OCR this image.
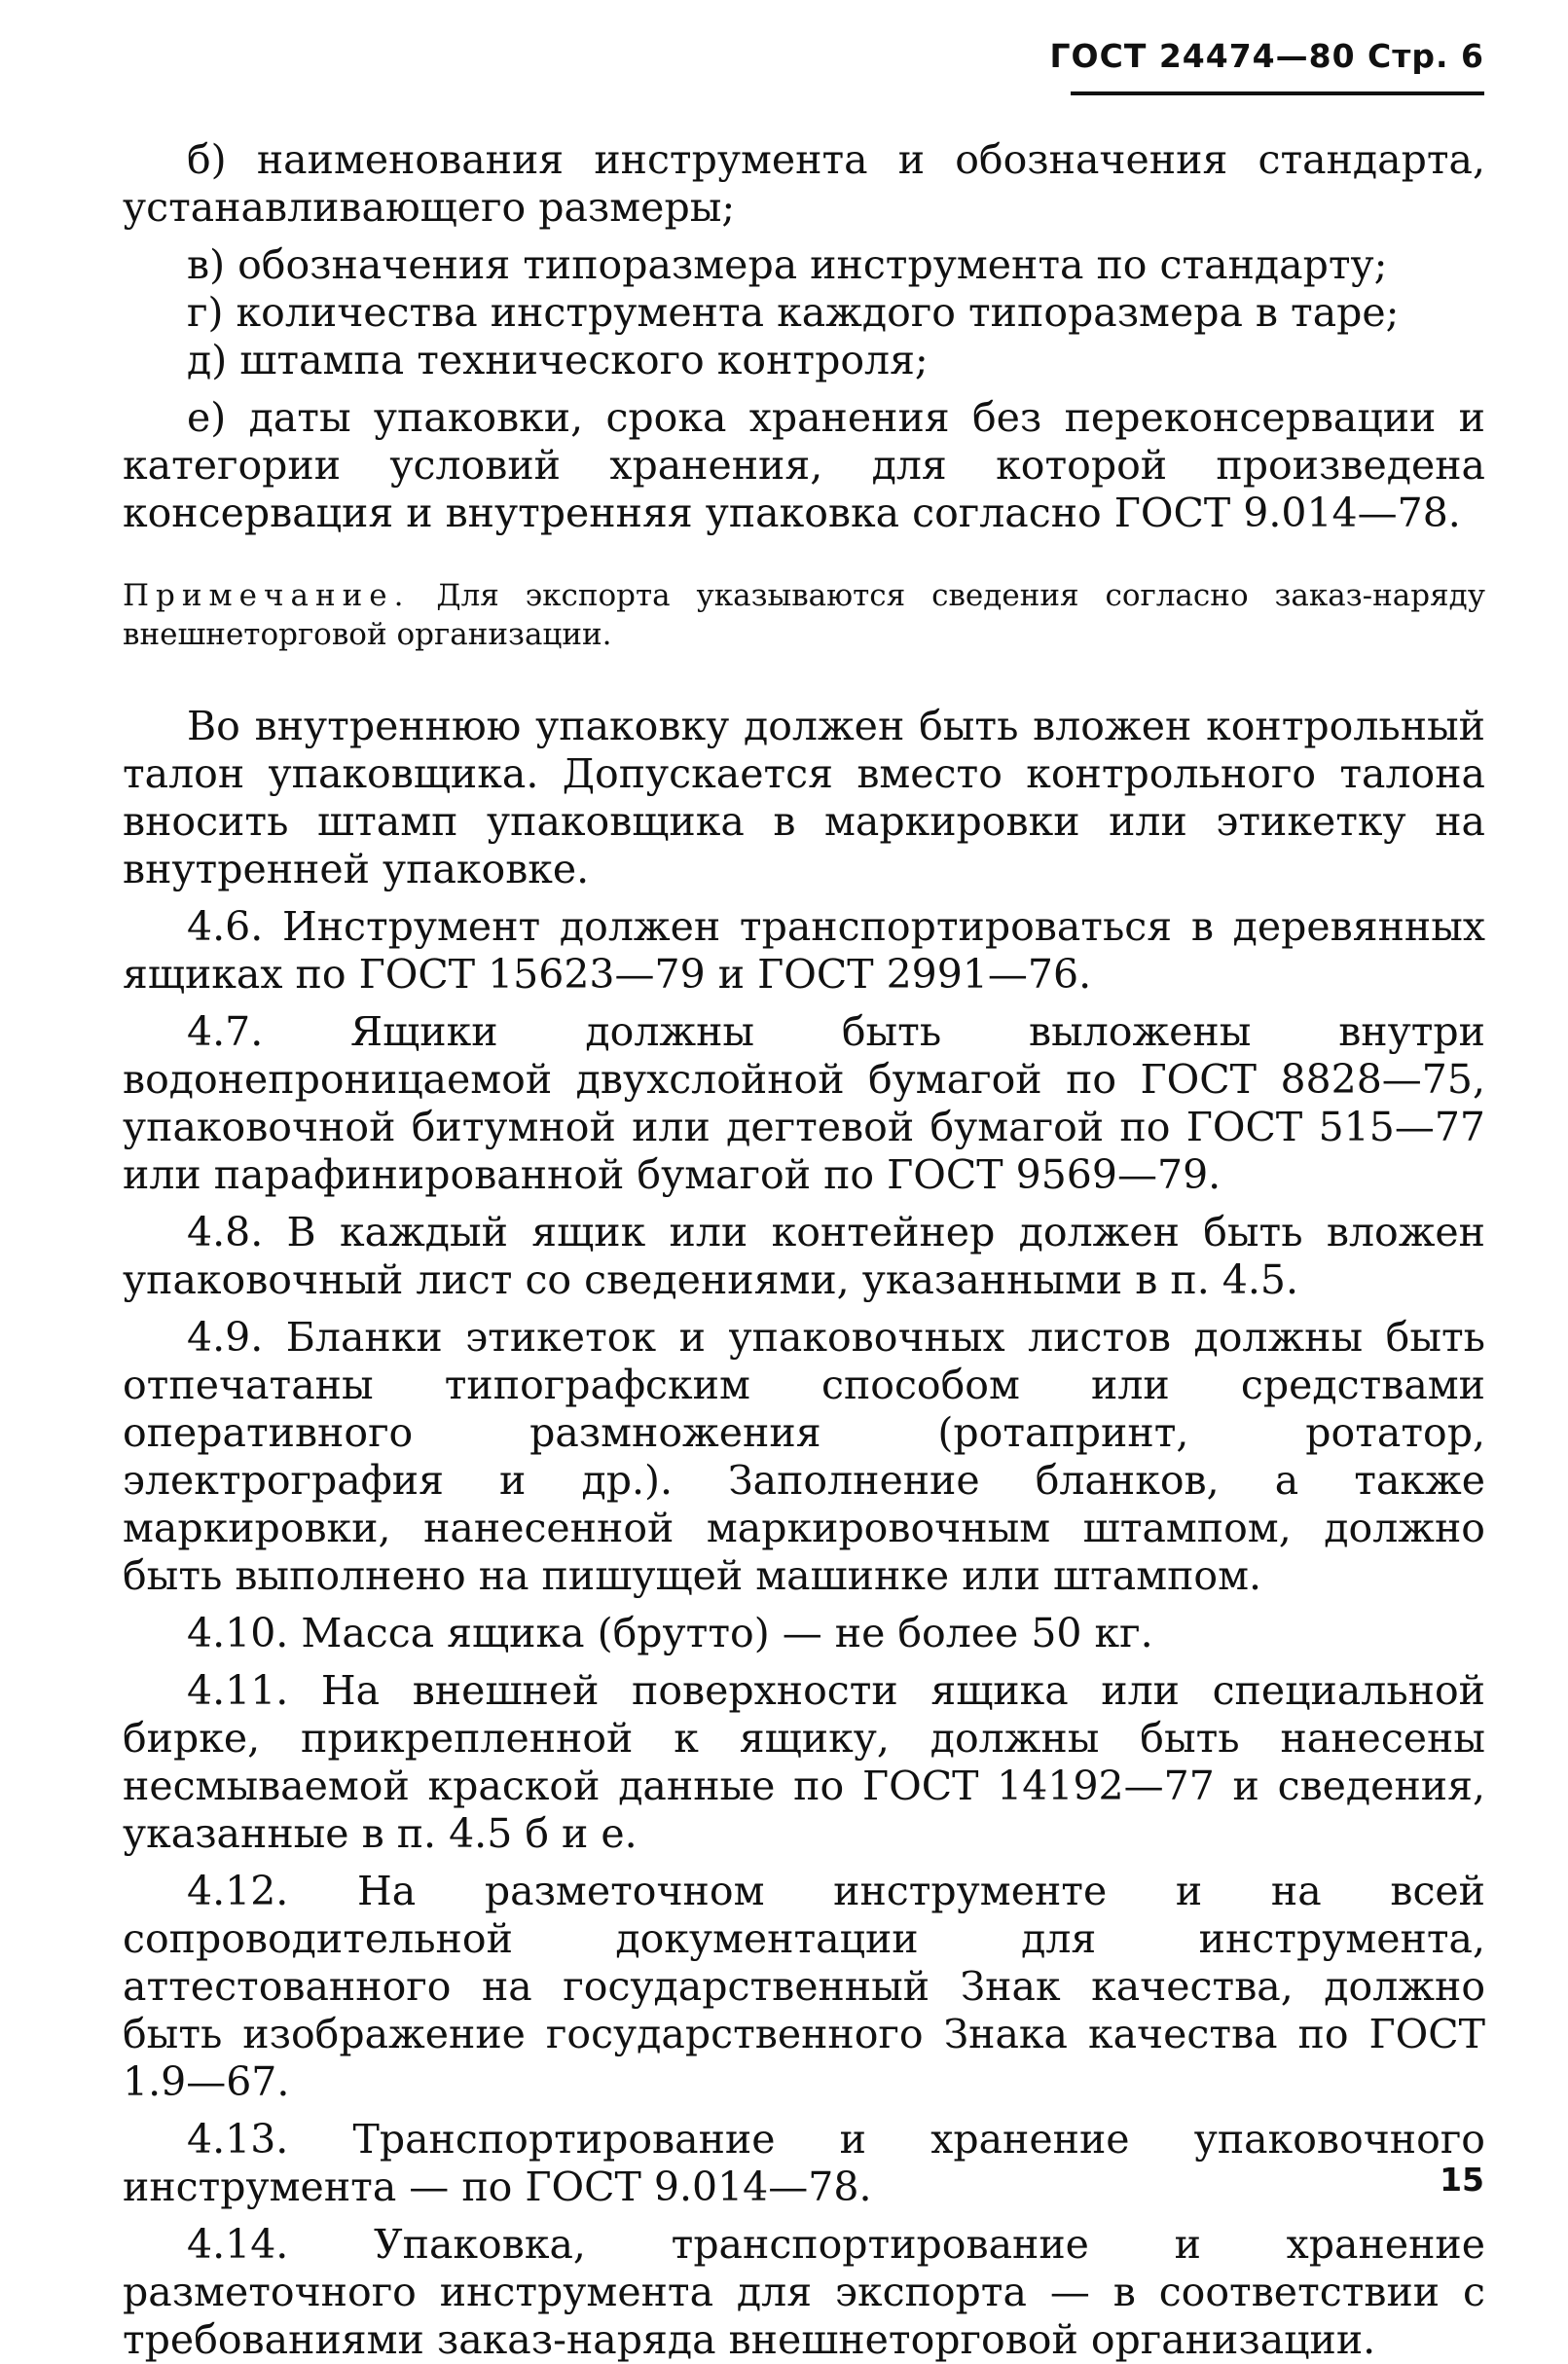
ГОСТ 24474—80 Стр. 6

б) наименования инструмента и обозначения стандарта, устанавливающего размеры;

в) обозначения типоразмера инструмента по стандарту;

г) количества инструмента каждого типоразмера в таре;

д) штампа технического контроля;

е) даты упаковки, срока хранения без переконсервации и категории условий хранения, для которой произведена консервация и внутренняя упаковка согласно ГОСТ 9.014—78.

Примечание. Для экспорта указываются сведения согласно заказ-наряду внешнеторговой организации.

Во внутреннюю упаковку должен быть вложен контрольный талон упаковщика. Допускается вместо контрольного талона вносить штамп упаковщика в маркировки или этикетку на внутренней упаковке.

4.6. Инструмент должен транспортироваться в деревянных ящиках по ГОСТ 15623—79 и ГОСТ 2991—76.

4.7. Ящики должны быть выложены внутри водонепроницаемой двухслойной бумагой по ГОСТ 8828—75, упаковочной битумной или дегтевой бумагой по ГОСТ 515—77 или парафинированной бумагой по ГОСТ 9569—79.

4.8. В каждый ящик или контейнер должен быть вложен упаковочный лист со сведениями, указанными в п. 4.5.

4.9. Бланки этикеток и упаковочных листов должны быть отпечатаны типографским способом или средствами оперативного размножения (ротапринт, ротатор, электрография и др.). Заполнение бланков, а также маркировки, нанесенной маркировочным штампом, должно быть выполнено на пишущей машинке или штампом.

4.10. Масса ящика (брутто) — не более 50 кг.

4.11. На внешней поверхности ящика или специальной бирке, прикрепленной к ящику, должны быть нанесены несмываемой краской данные по ГОСТ 14192—77 и сведения, указанные в п. 4.5 б и е.

4.12. На разметочном инструменте и на всей сопроводительной документации для инструмента, аттестованного на государственный Знак качества, должно быть изображение государственного Знака качества по ГОСТ 1.9—67.

4.13. Транспортирование и хранение упаковочного инструмента — по ГОСТ 9.014—78.

4.14. Упаковка, транспортирование и хранение разметочного инструмента для экспорта — в соответствии с требованиями заказ-наряда внешнеторговой организации.

15
